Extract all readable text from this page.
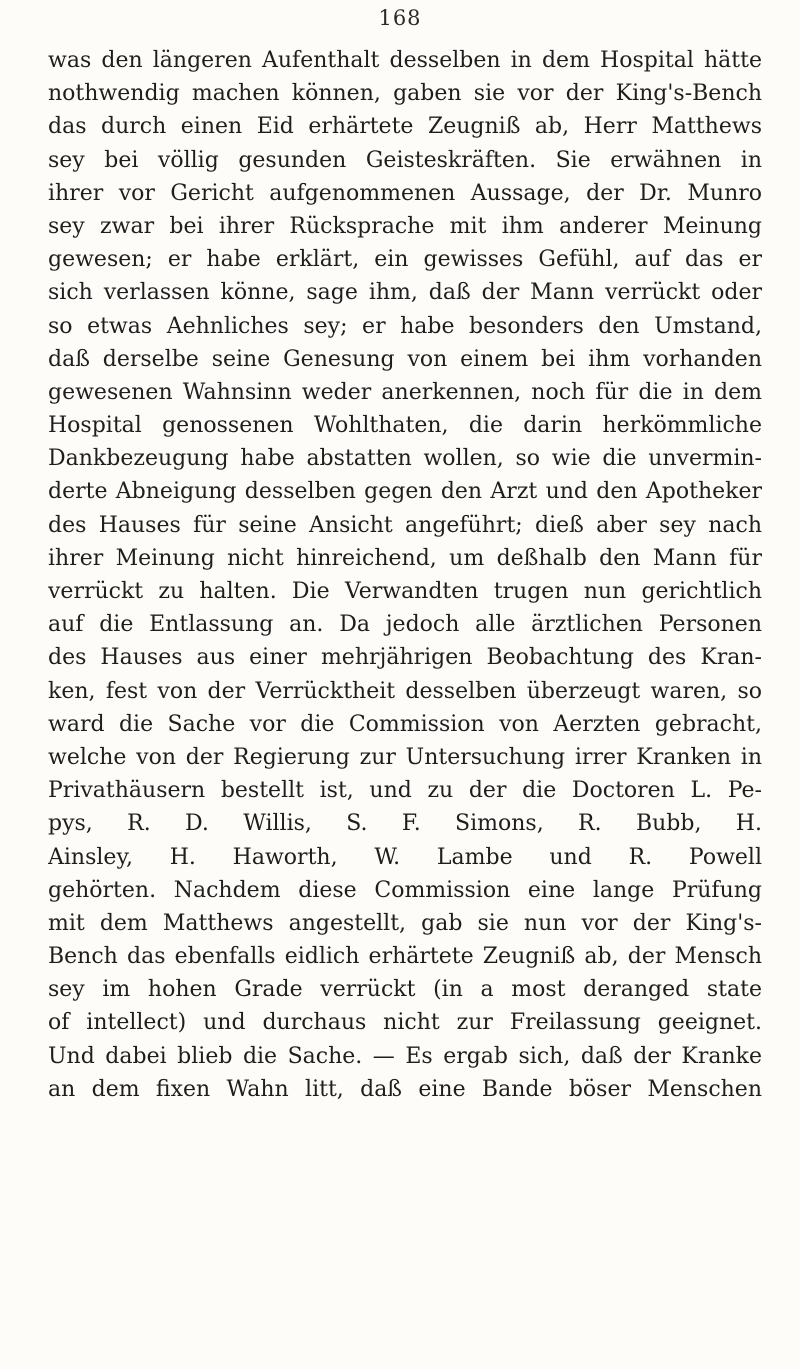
168
was den längeren Aufenthalt desselben in dem Hospital hätte
nothwendig machen können, gaben sie vor der King's-Bench
das durch einen Eid erhärtete Zeugniß ab, Herr Matthews
sey bei völlig gesunden Geisteskräften. Sie erwähnen in
ihrer vor Gericht aufgenommenen Aussage, der Dr. Munro
sey zwar bei ihrer Rücksprache mit ihm anderer Meinung
gewesen; er habe erklärt, ein gewisses Gefühl, auf das er
sich verlassen könne, sage ihm, daß der Mann verrückt oder
so etwas Aehnliches sey; er habe besonders den Umstand,
daß derselbe seine Genesung von einem bei ihm vorhanden
gewesenen Wahnsinn weder anerkennen, noch für die in dem
Hospital genossenen Wohlthaten, die darin herkömmliche
Dankbezeugung habe abstatten wollen, so wie die unvermin-
derte Abneigung desselben gegen den Arzt und den Apotheker
des Hauses für seine Ansicht angeführt; dieß aber sey nach
ihrer Meinung nicht hinreichend, um deßhalb den Mann für
verrückt zu halten. Die Verwandten trugen nun gerichtlich
auf die Entlassung an. Da jedoch alle ärztlichen Personen
des Hauses aus einer mehrjährigen Beobachtung des Kran-
ken, fest von der Verrücktheit desselben überzeugt waren, so
ward die Sache vor die Commission von Aerzten gebracht,
welche von der Regierung zur Untersuchung irrer Kranken in
Privathäusern bestellt ist, und zu der die Doctoren L. Pe-
pys, R. D. Willis, S. F. Simons, R. Bubb, H.
Ainsley, H. Haworth, W. Lambe und R. Powell
gehörten. Nachdem diese Commission eine lange Prüfung
mit dem Matthews angestellt, gab sie nun vor der King's-
Bench das ebenfalls eidlich erhärtete Zeugniß ab, der Mensch
sey im hohen Grade verrückt (in a most deranged state
of intellect) und durchaus nicht zur Freilassung geeignet.
Und dabei blieb die Sache. — Es ergab sich, daß der Kranke
an dem fixen Wahn litt, daß eine Bande böser Menschen
